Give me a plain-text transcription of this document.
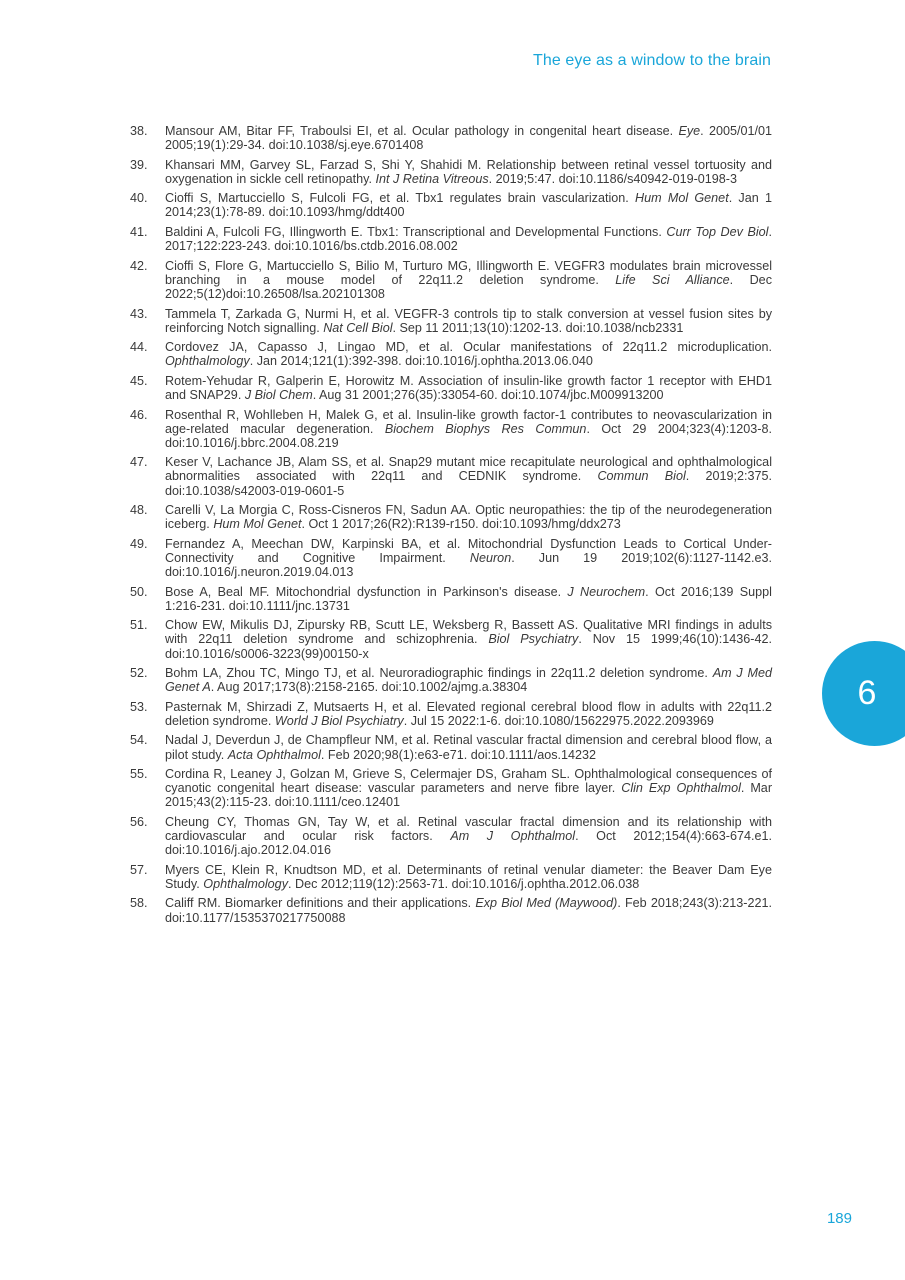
The eye as a window to the brain
38.	Mansour AM, Bitar FF, Traboulsi EI, et al. Ocular pathology in congenital heart disease. Eye. 2005/01/01 2005;19(1):29-34. doi:10.1038/sj.eye.6701408
39.	Khansari MM, Garvey SL, Farzad S, Shi Y, Shahidi M. Relationship between retinal vessel tortuosity and oxygenation in sickle cell retinopathy. Int J Retina Vitreous. 2019;5:47. doi:10.1186/s40942-019-0198-3
40.	Cioffi S, Martucciello S, Fulcoli FG, et al. Tbx1 regulates brain vascularization. Hum Mol Genet. Jan 1 2014;23(1):78-89. doi:10.1093/hmg/ddt400
41.	Baldini A, Fulcoli FG, Illingworth E. Tbx1: Transcriptional and Developmental Functions. Curr Top Dev Biol. 2017;122:223-243. doi:10.1016/bs.ctdb.2016.08.002
42.	Cioffi S, Flore G, Martucciello S, Bilio M, Turturo MG, Illingworth E. VEGFR3 modulates brain microvessel branching in a mouse model of 22q11.2 deletion syndrome. Life Sci Alliance. Dec 2022;5(12)doi:10.26508/lsa.202101308
43.	Tammela T, Zarkada G, Nurmi H, et al. VEGFR-3 controls tip to stalk conversion at vessel fusion sites by reinforcing Notch signalling. Nat Cell Biol. Sep 11 2011;13(10):1202-13. doi:10.1038/ncb2331
44.	Cordovez JA, Capasso J, Lingao MD, et al. Ocular manifestations of 22q11.2 microduplication. Ophthalmology. Jan 2014;121(1):392-398. doi:10.1016/j.ophtha.2013.06.040
45.	Rotem-Yehudar R, Galperin E, Horowitz M. Association of insulin-like growth factor 1 receptor with EHD1 and SNAP29. J Biol Chem. Aug 31 2001;276(35):33054-60. doi:10.1074/jbc.M009913200
46.	Rosenthal R, Wohlleben H, Malek G, et al. Insulin-like growth factor-1 contributes to neovascularization in age-related macular degeneration. Biochem Biophys Res Commun. Oct 29 2004;323(4):1203-8. doi:10.1016/j.bbrc.2004.08.219
47.	Keser V, Lachance JB, Alam SS, et al. Snap29 mutant mice recapitulate neurological and ophthalmological abnormalities associated with 22q11 and CEDNIK syndrome. Commun Biol. 2019;2:375. doi:10.1038/s42003-019-0601-5
48.	Carelli V, La Morgia C, Ross-Cisneros FN, Sadun AA. Optic neuropathies: the tip of the neurodegeneration iceberg. Hum Mol Genet. Oct 1 2017;26(R2):R139-r150. doi:10.1093/hmg/ddx273
49.	Fernandez A, Meechan DW, Karpinski BA, et al. Mitochondrial Dysfunction Leads to Cortical Under-Connectivity and Cognitive Impairment. Neuron. Jun 19 2019;102(6):1127-1142.e3. doi:10.1016/j.neuron.2019.04.013
50.	Bose A, Beal MF. Mitochondrial dysfunction in Parkinson's disease. J Neurochem. Oct 2016;139 Suppl 1:216-231. doi:10.1111/jnc.13731
51.	Chow EW, Mikulis DJ, Zipursky RB, Scutt LE, Weksberg R, Bassett AS. Qualitative MRI findings in adults with 22q11 deletion syndrome and schizophrenia. Biol Psychiatry. Nov 15 1999;46(10):1436-42. doi:10.1016/s0006-3223(99)00150-x
52.	Bohm LA, Zhou TC, Mingo TJ, et al. Neuroradiographic findings in 22q11.2 deletion syndrome. Am J Med Genet A. Aug 2017;173(8):2158-2165. doi:10.1002/ajmg.a.38304
53.	Pasternak M, Shirzadi Z, Mutsaerts H, et al. Elevated regional cerebral blood flow in adults with 22q11.2 deletion syndrome. World J Biol Psychiatry. Jul 15 2022:1-6. doi:10.1080/15622975.2022.2093969
54.	Nadal J, Deverdun J, de Champfleur NM, et al. Retinal vascular fractal dimension and cerebral blood flow, a pilot study. Acta Ophthalmol. Feb 2020;98(1):e63-e71. doi:10.1111/aos.14232
55.	Cordina R, Leaney J, Golzan M, Grieve S, Celermajer DS, Graham SL. Ophthalmological consequences of cyanotic congenital heart disease: vascular parameters and nerve fibre layer. Clin Exp Ophthalmol. Mar 2015;43(2):115-23. doi:10.1111/ceo.12401
56.	Cheung CY, Thomas GN, Tay W, et al. Retinal vascular fractal dimension and its relationship with cardiovascular and ocular risk factors. Am J Ophthalmol. Oct 2012;154(4):663-674.e1. doi:10.1016/j.ajo.2012.04.016
57.	Myers CE, Klein R, Knudtson MD, et al. Determinants of retinal venular diameter: the Beaver Dam Eye Study. Ophthalmology. Dec 2012;119(12):2563-71. doi:10.1016/j.ophtha.2012.06.038
58.	Califf RM. Biomarker definitions and their applications. Exp Biol Med (Maywood). Feb 2018;243(3):213-221. doi:10.1177/1535370217750088
6
189
